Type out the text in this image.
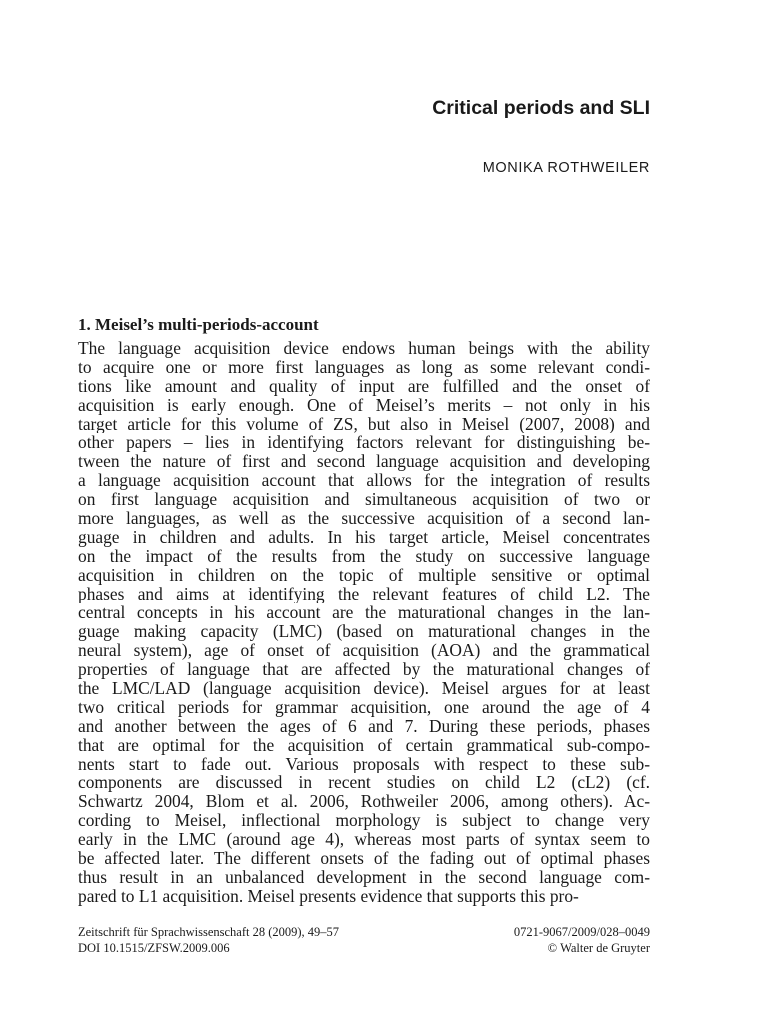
Critical periods and SLI
MONIKA ROTHWEILER
1. Meisel’s multi-periods-account
The language acquisition device endows human beings with the ability
to acquire one or more first languages as long as some relevant condi-
tions like amount and quality of input are fulfilled and the onset of
acquisition is early enough. One of Meisel’s merits – not only in his
target article for this volume of ZS, but also in Meisel (2007, 2008) and
other papers – lies in identifying factors relevant for distinguishing be-
tween the nature of first and second language acquisition and developing
a language acquisition account that allows for the integration of results
on first language acquisition and simultaneous acquisition of two or
more languages, as well as the successive acquisition of a second lan-
guage in children and adults. In his target article, Meisel concentrates
on the impact of the results from the study on successive language
acquisition in children on the topic of multiple sensitive or optimal
phases and aims at identifying the relevant features of child L2. The
central concepts in his account are the maturational changes in the lan-
guage making capacity (LMC) (based on maturational changes in the
neural system), age of onset of acquisition (AOA) and the grammatical
properties of language that are affected by the maturational changes of
the LMC/LAD (language acquisition device). Meisel argues for at least
two critical periods for grammar acquisition, one around the age of 4
and another between the ages of 6 and 7. During these periods, phases
that are optimal for the acquisition of certain grammatical sub-compo-
nents start to fade out. Various proposals with respect to these sub-
components are discussed in recent studies on child L2 (cL2) (cf.
Schwartz 2004, Blom et al. 2006, Rothweiler 2006, among others). Ac-
cording to Meisel, inflectional morphology is subject to change very
early in the LMC (around age 4), whereas most parts of syntax seem to
be affected later. The different onsets of the fading out of optimal phases
thus result in an unbalanced development in the second language com-
pared to L1 acquisition. Meisel presents evidence that supports this pro-
Zeitschrift für Sprachwissenschaft 28 (2009), 49–57	0721-9067/2009/028–0049
DOI 10.1515/ZFSW.2009.006	© Walter de Gruyter
